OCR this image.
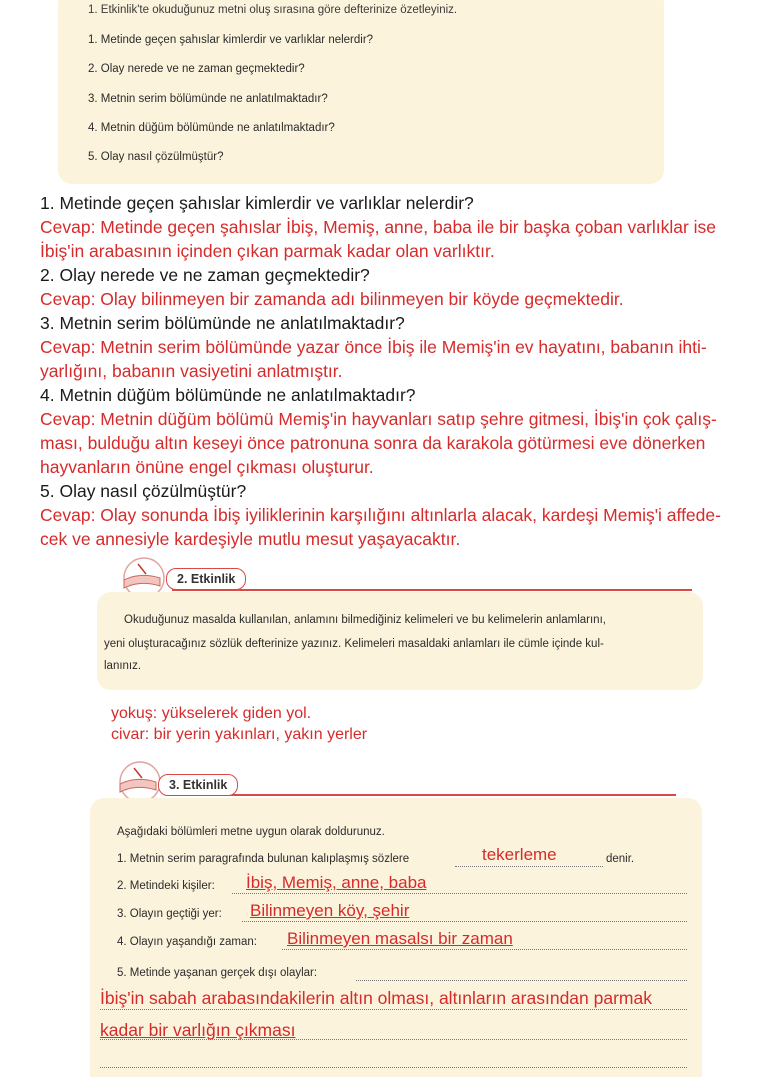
1. Etkinlik'te okuduğunuz metni oluş sırasına göre defterinize özetleyiniz.
1. Metinde geçen şahıslar kimlerdir ve varlıklar nelerdir?
2. Olay nerede ve ne zaman geçmektedir?
3. Metnin serim bölümünde ne anlatılmaktadır?
4. Metnin düğüm bölümünde ne anlatılmaktadır?
5. Olay nasıl çözülmüştür?
1. Metinde geçen şahıslar kimlerdir ve varlıklar nelerdir?
Cevap: Metinde geçen şahıslar İbiş, Memiş, anne, baba ile bir başka çoban varlıklar ise
İbiş'in arabasının içinden çıkan parmak kadar olan varlıktır.
2. Olay nerede ve ne zaman geçmektedir?
Cevap: Olay bilinmeyen bir zamanda adı bilinmeyen bir köyde geçmektedir.
3. Metnin serim bölümünde ne anlatılmaktadır?
Cevap: Metnin serim bölümünde yazar önce İbiş ile Memiş'in ev hayatını, babanın ihti-
yarlığını, babanın vasiyetini anlatmıştır.
4. Metnin düğüm bölümünde ne anlatılmaktadır?
Cevap: Metnin düğüm bölümü Memiş'in hayvanları satıp şehre gitmesi, İbiş'in çok çalış-
ması, bulduğu altın keseyi önce patronuna sonra da karakola götürmesi eve dönerken
hayvanların önüne engel çıkması oluşturur.
5. Olay nasıl çözülmüştür?
Cevap: Olay sonunda İbiş iyiliklerinin karşılığını altınlarla alacak, kardeşi Memiş'i affede-
cek ve annesiyle kardeşiyle mutlu mesut yaşayacaktır.
2. Etkinlik
Okuduğunuz masalda kullanılan, anlamını bilmediğiniz kelimeleri ve bu kelimelerin anlamlarını,
yeni oluşturacağınız sözlük defterinize yazınız. Kelimeleri masaldaki anlamları ile cümle içinde kul-
lanınız.
yokuş: yükselerek giden yol.
civar: bir yerin yakınları, yakın yerler
3. Etkinlik
Aşağıdaki bölümleri metne uygun olarak doldurunuz.
1. Metnin serim paragrafında bulunan kalıplaşmış sözlere	tekerleme	denir.
2. Metindeki kişiler: İbiş, Memiş, anne, baba
3. Olayın geçtiği yer: Bilinmeyen köy, şehir
4. Olayın yaşandığı zaman: Bilinmeyen masalsı bir zaman
5. Metinde yaşanan gerçek dışı olaylar:
İbiş'in sabah arabasındakilerin altın olması, altınların arasından parmak
kadar bir varlığın çıkması
